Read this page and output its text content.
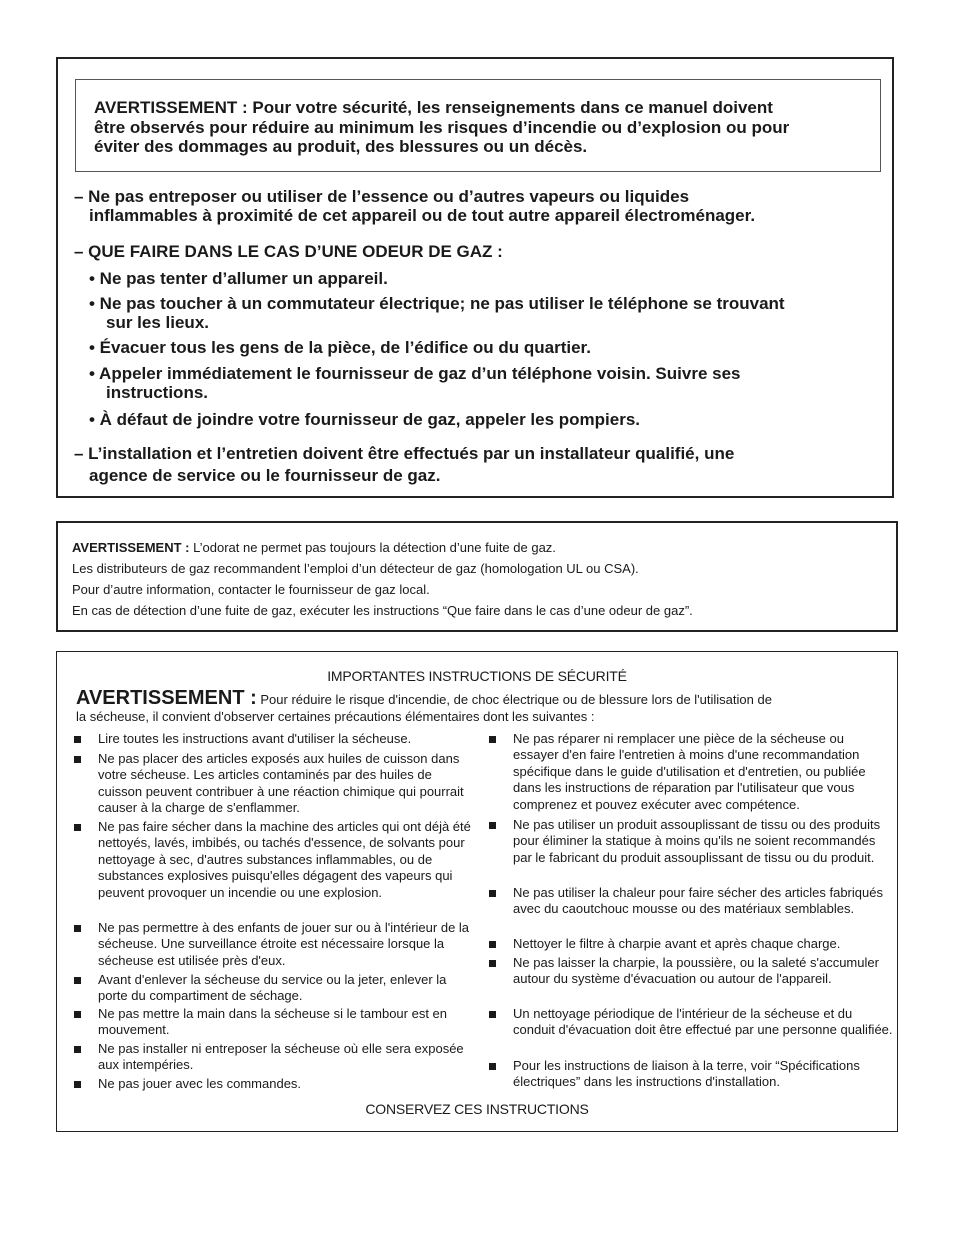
AVERTISSEMENT : Pour votre sécurité, les renseignements dans ce manuel doivent
être observés pour réduire au minimum les risques d’incendie ou d’explosion ou pour
éviter des dommages au produit, des blessures ou un décès.
– Ne pas entreposer ou utiliser de l’essence ou d’autres vapeurs ou liquides
inflammables à proximité de cet appareil ou de tout autre appareil électroménager.
– QUE FAIRE DANS LE CAS D’UNE ODEUR DE GAZ :
• Ne pas tenter d’allumer un appareil.
• Ne pas toucher à un commutateur électrique; ne pas utiliser le téléphone se trouvant
sur les lieux.
• Évacuer tous les gens de la pièce, de l’édifice ou du quartier.
• Appeler immédiatement le fournisseur de gaz d’un téléphone voisin. Suivre ses
instructions.
• À défaut de joindre votre fournisseur de gaz, appeler les pompiers.
– L’installation et l’entretien doivent être effectués par un installateur qualifié, une
agence de service ou le fournisseur de gaz.
AVERTISSEMENT : L’odorat ne permet pas toujours la détection d’une fuite de gaz.
Les distributeurs de gaz recommandent l’emploi d’un détecteur de gaz (homologation UL ou CSA).
Pour d’autre information, contacter le fournisseur de gaz local.
En cas de détection d’une fuite de gaz, exécuter les instructions “Que faire dans le cas d’une odeur de gaz”.
IMPORTANTES INSTRUCTIONS DE SÉCURITÉ
AVERTISSEMENT : Pour réduire le risque d'incendie, de choc électrique ou de blessure lors de l'utilisation de
la sécheuse, il convient d'observer certaines précautions élémentaires dont les suivantes :
Lire toutes les instructions avant d'utiliser la sécheuse.
Ne pas placer des articles exposés aux huiles de cuisson dans votre sécheuse. Les articles contaminés par des huiles de cuisson peuvent contribuer à une réaction chimique qui pourrait causer à la charge de s'enflammer.
Ne pas faire sécher dans la machine des articles qui ont déjà été nettoyés, lavés, imbibés, ou tachés d'essence, de solvants pour nettoyage à sec, d'autres substances inflammables, ou de substances explosives puisqu'elles dégagent des vapeurs qui peuvent provoquer un incendie ou une explosion.
Ne pas permettre à des enfants de jouer sur ou à l'intérieur de la sécheuse. Une surveillance étroite est nécessaire lorsque la sécheuse est utilisée près d'eux.
Avant d'enlever la sécheuse du service ou la jeter, enlever la porte du compartiment de séchage.
Ne pas mettre la main dans la sécheuse si le tambour est en mouvement.
Ne pas installer ni entreposer la sécheuse où elle sera exposée aux intempéries.
Ne pas jouer avec les commandes.
Ne pas réparer ni remplacer une pièce de la sécheuse ou essayer d'en faire l'entretien à moins d'une recommandation spécifique dans le guide d'utilisation et d'entretien, ou publiée dans les instructions de réparation par l'utilisateur que vous comprenez et pouvez exécuter avec compétence.
Ne pas utiliser un produit assouplissant de tissu ou des produits pour éliminer la statique à moins qu'ils ne soient recommandés par le fabricant du produit assouplissant de tissu ou du produit.
Ne pas utiliser la chaleur pour faire sécher des articles fabriqués avec du caoutchouc mousse ou des matériaux semblables.
Nettoyer le filtre à charpie avant et après chaque charge.
Ne pas laisser la charpie, la poussière, ou la saleté s'accumuler autour du système d'évacuation ou autour de l'appareil.
Un nettoyage périodique de l'intérieur de la sécheuse et du conduit d'évacuation doit être effectué par une personne qualifiée.
Pour les instructions de liaison à la terre, voir “Spécifications électriques” dans les instructions d'installation.
CONSERVEZ CES INSTRUCTIONS
